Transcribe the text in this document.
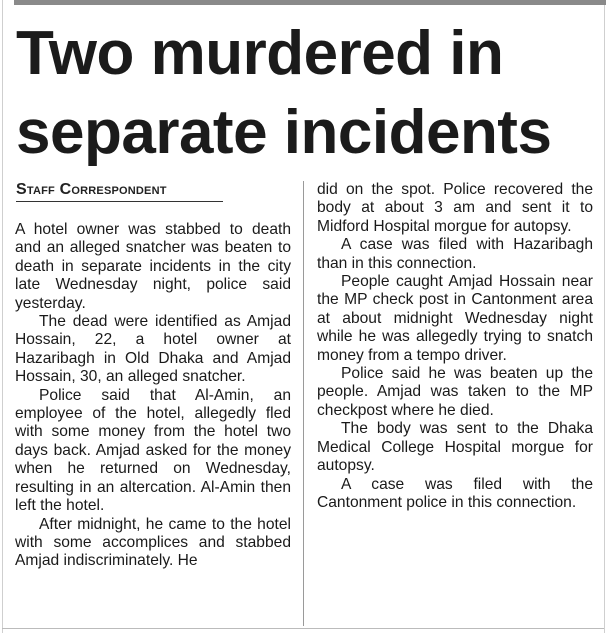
Two murdered in
separate incidents
Staff Correspondent

A hotel owner was stabbed to death and an alleged snatcher was beaten to death in separate incidents in the city late Wednesday night, police said yesterday.

The dead were identified as Amjad Hossain, 22, a hotel owner at Hazaribagh in Old Dhaka and Amjad Hossain, 30, an alleged snatcher.

Police said that Al-Amin, an employee of the hotel, allegedly fled with some money from the hotel two days back. Amjad asked for the money when he returned on Wednesday, resulting in an altercation. Al-Amin then left the hotel.

After midnight, he came to the hotel with some accomplices and stabbed Amjad indiscriminately. He

did on the spot. Police recovered the body at about 3 am and sent it to Midford Hospital morgue for autopsy.

A case was filed with Hazaribagh than in this connection.

People caught Amjad Hossain near the MP check post in Cantonment area at about midnight Wednesday night while he was allegedly trying to snatch money from a tempo driver.

Police said he was beaten up the people. Amjad was taken to the MP checkpost where he died.

The body was sent to the Dhaka Medical College Hospital morgue for autopsy.

A case was filed with the Cantonment police in this connection.
